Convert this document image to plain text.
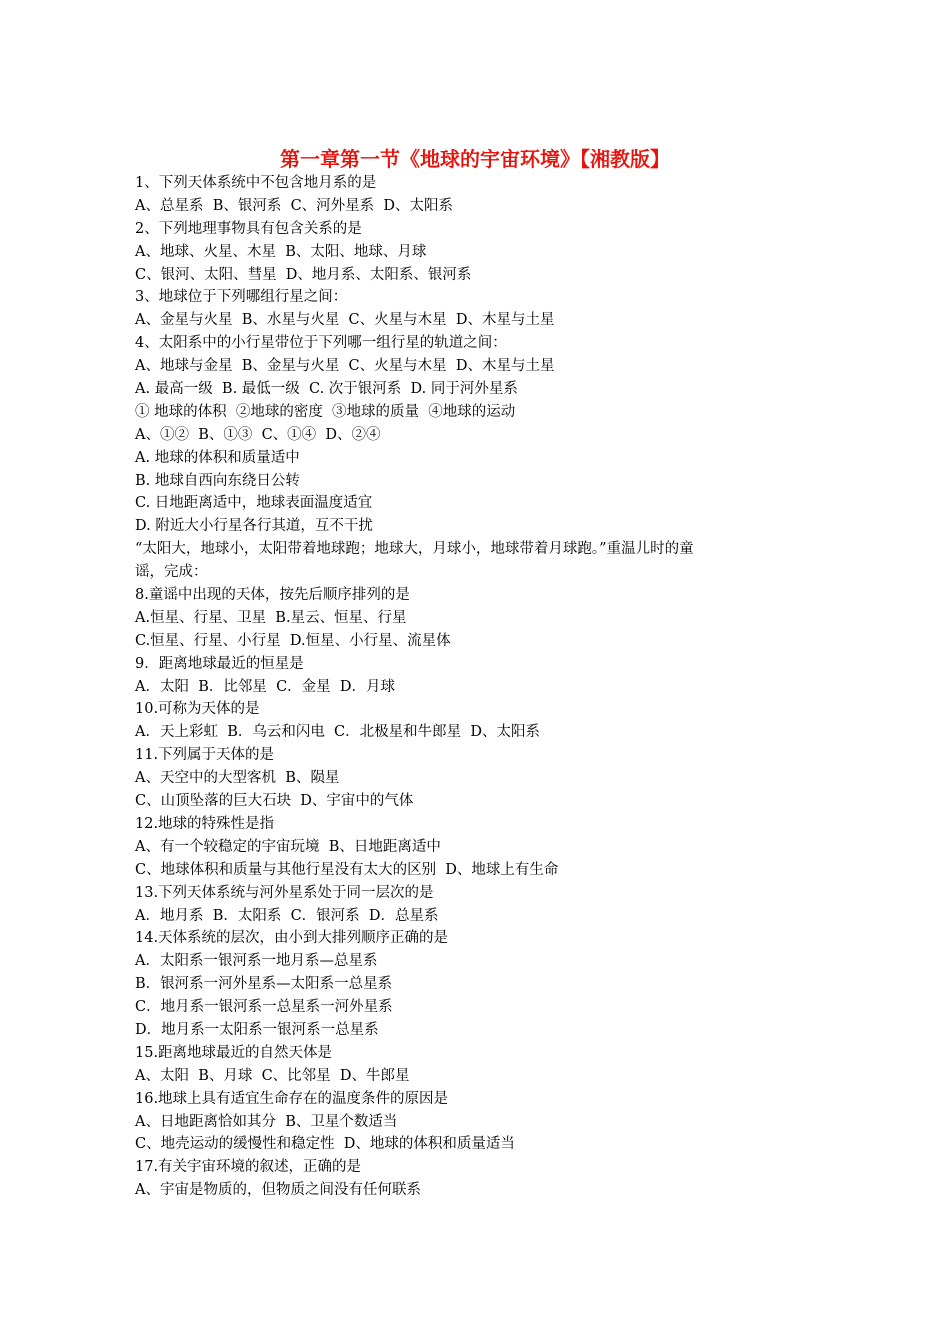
第一章第一节《地球的宇宙环境》【湘教版】
1、下列天体系统中不包含地月系的是
A、总星系  B、银河系  C、河外星系  D、太阳系
2、下列地理事物具有包含关系的是
A、地球、火星、木星  B、太阳、地球、月球
C、银河、太阳、彗星  D、地月系、太阳系、银河系
3、地球位于下列哪组行星之间：
A、金星与火星  B、水星与火星  C、火星与木星  D、木星与土星
4、太阳系中的小行星带位于下列哪一组行星的轨道之间：
A、地球与金星  B、金星与火星  C、火星与木星  D、木星与土星
A. 最高一级  B. 最低一级  C. 次于银河系  D. 同于河外星系
① 地球的体积  ②地球的密度  ③地球的质量  ④地球的运动
A、①②  B、①③  C、①④  D、②④
A. 地球的体积和质量适中
B. 地球自西向东绕日公转
C. 日地距离适中，地球表面温度适宜
D. 附近大小行星各行其道，互不干扰
“太阳大，地球小，太阳带着地球跑；地球大，月球小，地球带着月球跑。”重温儿时的童
谣，完成：
8.童谣中出现的天体，按先后顺序排列的是
A.恒星、行星、卫星  B.星云、恒星、行星
C.恒星、行星、小行星  D.恒星、小行星、流星体
9．距离地球最近的恒星是
A．太阳  B．比邻星  C．金星  D．月球
10.可称为天体的是
A．天上彩虹  B．乌云和闪电  C．北极星和牛郎星  D、太阳系
11.下列属于天体的是
A、天空中的大型客机  B、陨星
C、山顶坠落的巨大石块  D、宇宙中的气体
12.地球的特殊性是指
A、有一个较稳定的宇宙玩境  B、日地距离适中
C、地球体积和质量与其他行星没有太大的区别  D、地球上有生命
13.下列天体系统与河外星系处于同一层次的是
A．地月系  B．太阳系  C．银河系  D．总星系
14.天体系统的层次，由小到大排列顺序正确的是
A．太阳系一银河系一地月系—总星系
B．银河系一河外星系—太阳系一总星系
C．地月系一银河系一总星系一河外星系
D．地月系一太阳系一银河系一总星系
15.距离地球最近的自然天体是
A、太阳  B、月球  C、比邻星  D、牛郎星
16.地球上具有适宜生命存在的温度条件的原因是
A、日地距离恰如其分  B、卫星个数适当
C、地壳运动的缓慢性和稳定性  D、地球的体积和质量适当
17.有关宇宙环境的叙述，正确的是
A、宇宙是物质的，但物质之间没有任何联系
